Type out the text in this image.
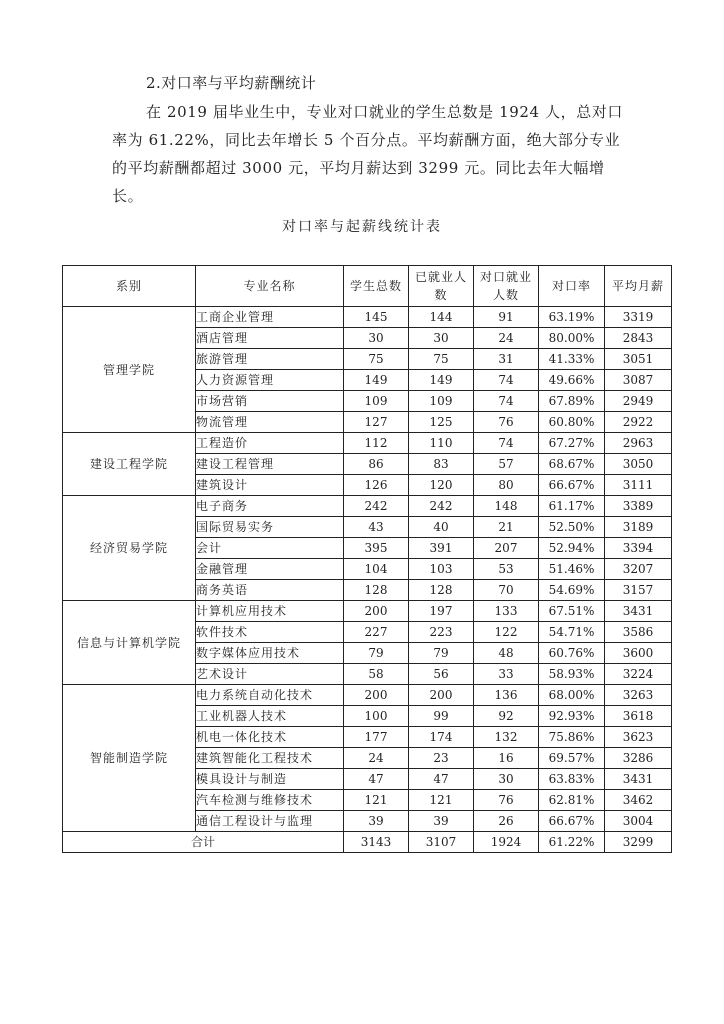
2.对口率与平均薪酬统计

在 2019 届毕业生中，专业对口就业的学生总数是 1924 人，总对口率为 61.22%，同比去年增长 5 个百分点。平均薪酬方面，绝大部分专业的平均薪酬都超过 3000 元，平均月薪达到 3299 元。同比去年大幅增长。

对口率与起薪线统计表
系别	专业名称	学生总数	已就业人数	对口就业人数	对口率	平均月薪
管理学院	工商企业管理	145	144	91	63.19%	3319
	酒店管理	30	30	24	80.00%	2843
	旅游管理	75	75	31	41.33%	3051
	人力资源管理	149	149	74	49.66%	3087
	市场营销	109	109	74	67.89%	2949
	物流管理	127	125	76	60.80%	2922
建设工程学院	工程造价	112	110	74	67.27%	2963
	建设工程管理	86	83	57	68.67%	3050
	建筑设计	126	120	80	66.67%	3111
经济贸易学院	电子商务	242	242	148	61.17%	3389
	国际贸易实务	43	40	21	52.50%	3189
	会计	395	391	207	52.94%	3394
	金融管理	104	103	53	51.46%	3207
	商务英语	128	128	70	54.69%	3157
信息与计算机学院	计算机应用技术	200	197	133	67.51%	3431
	软件技术	227	223	122	54.71%	3586
	数字媒体应用技术	79	79	48	60.76%	3600
	艺术设计	58	56	33	58.93%	3224
智能制造学院	电力系统自动化技术	200	200	136	68.00%	3263
	工业机器人技术	100	99	92	92.93%	3618
	机电一体化技术	177	174	132	75.86%	3623
	建筑智能化工程技术	24	23	16	69.57%	3286
	模具设计与制造	47	47	30	63.83%	3431
	汽车检测与维修技术	121	121	76	62.81%	3462
	通信工程设计与监理	39	39	26	66.67%	3004
合计		3143	3107	1924	61.22%	3299
